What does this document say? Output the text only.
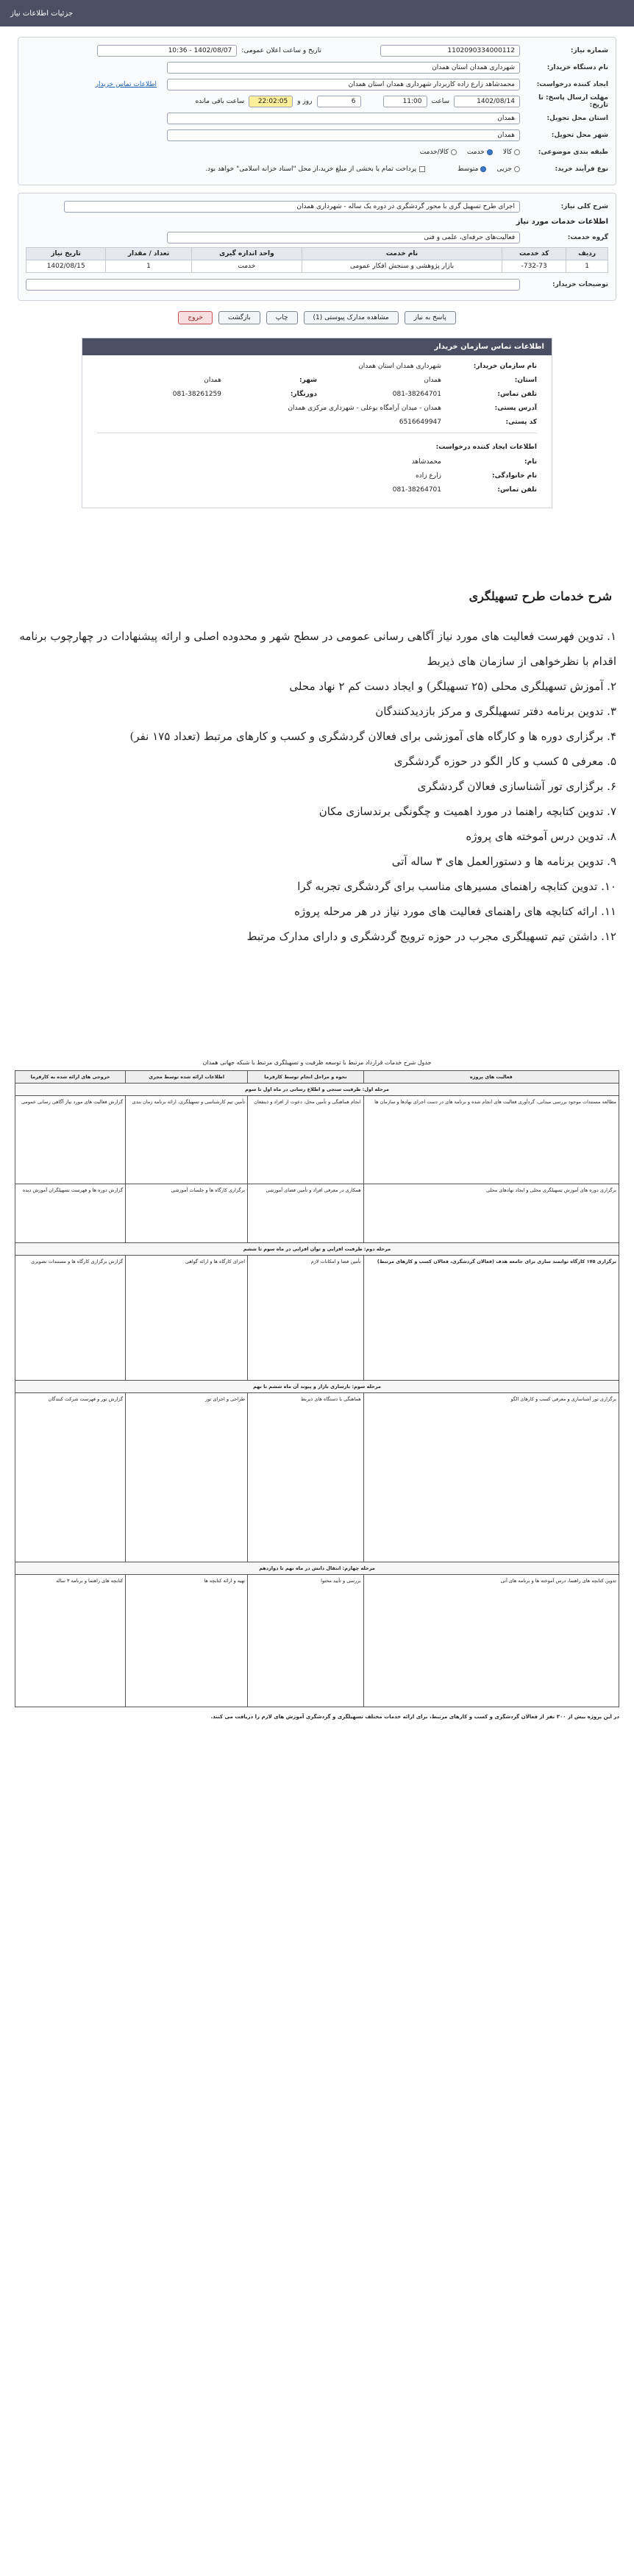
جزئیات اطلاعات نیاز
شماره نیاز:
1102090334000112
تاریخ و ساعت اعلان عمومی:
1402/08/07 - 10:36
نام دستگاه خریدار:
شهرداری همدان استان همدان
ایجاد کننده درخواست:
محمدشاهد زارع زاده کاربردار شهرداری همدان استان همدان
اطلاعات تماس خریدار
مهلت ارسال پاسخ: تا تاریخ:
1402/08/14
ساعت
11:00
6
روز و
22:02:05
ساعت باقی مانده
استان محل تحویل:
همدان
شهر محل تحویل:
همدان
طبقه بندی موضوعی:
کالا
خدمت
کالا/خدمت
نوع فرآیند خرید:
جزیی
متوسط
پرداخت تمام یا بخشی از مبلغ خرید،از محل "اسناد خزانه اسلامی" خواهد بود.
شرح کلی نیاز:
اجرای طرح تسهیل گری با محور گردشگری در دوره یک ساله - شهرداری همدان
اطلاعات خدمات مورد نیاز
گروه خدمت:
فعالیت‌های حرفه‌ای، علمی و فنی
ردیف	کد خدمت	نام خدمت	واحد اندازه گیری	تعداد / مقدار	تاریخ نیاز
1	732-73-	بازار پژوهشی و سنجش افکار عمومی	خدمت	1	1402/08/15
توضیحات خریدار:
پاسخ به نیاز
مشاهده مدارک پیوستی (1)
چاپ
بازگشت
خروج
اطلاعات تماس سازمان خریدار
نام سازمان خریدار:
شهرداری همدان استان همدان
استان:
همدان
شهر:
همدان
تلفن تماس:
081-38264701
دورنگار:
081-38261259
آدرس پستی:
همدان - میدان آرامگاه بوعلی - شهرداری مرکزی همدان
کد پستی:
6516649947
اطلاعات ایجاد کننده درخواست:
نام:
محمدشاهد
نام خانوادگی:
زارع زاده
تلفن تماس:
081-38264701
شرح خدمات طرح تسهیلگری
۱. تدوین فهرست فعالیت های مورد نیاز آگاهی رسانی عمومی در سطح شهر و محدوده اصلی و ارائه پیشنهادات در چهارچوب برنامه اقدام با نظرخواهی از سازمان های ذیربط
۲. آموزش تسهیلگری محلی (۲۵ تسهیلگر) و ایجاد دست کم ۲ نهاد محلی
۳. تدوین برنامه دفتر تسهیلگری و مرکز بازدیدکنندگان
۴. برگزاری دوره ها و کارگاه های آموزشی برای فعالان گردشگری و کسب و کارهای مرتبط (تعداد ۱۷۵ نفر)
۵. معرفی ۵ کسب و کار الگو در حوزه گردشگری
۶. برگزاری تور آشناسازی فعالان گردشگری
۷. تدوین کتابچه راهنما در مورد اهمیت و چگونگی برندسازی مکان
۸. تدوین درس آموخته های پروژه
۹. تدوین برنامه ها و دستورالعمل های ۳ ساله آتی
۱۰. تدوین کتابچه راهنمای مسیرهای مناسب برای گردشگری تجربه گرا
۱۱. ارائه کتابچه های راهنمای فعالیت های مورد نیاز در هر مرحله پروژه
۱۲. داشتن تیم تسهیلگری مجرب در حوزه ترویج گردشگری و دارای مدارک مرتبط
جدول شرح خدمات قرارداد مرتبط با توسعه ظرفیت و تسهیلگری مرتبط با شبکه جهانی همدان
فعالیت های پروژه	نحوه و مراحل انجام توسط کارفرما	اطلاعات ارائه شده توسط مجری	خروجی های ارائه شده به کارفرما
مرحله اول: ظرفیت سنجی و اطلاع رسانی در ماه اول تا سوم			
مطالعه مستندات موجود بررسی میدانی، گردآوری فعالیت های انجام شده و برنامه های در دست اجرای نهادها و سازمان ها	انجام هماهنگی و تأمین محل، دعوت از افراد و ذینفعان	تأمین تیم کارشناسی و تسهیلگری، ارائه برنامه زمان بندی	گزارش فعالیت های مورد نیاز آگاهی رسانی عمومی
برگزاری دوره های آموزش تسهیلگری محلی و ایجاد نهادهای محلی	همکاری در معرفی افراد و تأمین فضای آموزشی	برگزاری کارگاه ها و جلسات آموزشی	گزارش دوره ها و فهرست تسهیلگران آموزش دیده
مرحله دوم: ظرفیت افزایی و توان افزایی در ماه سوم تا ششم			
برگزاری ۱۷۵ کارگاه توانمند سازی برای جامعه هدف (فعالان گردشگری، فعالان کسب و کارهای مرتبط)	تأمین فضا و امکانات لازم	اجرای کارگاه ها و ارائه گواهی	گزارش برگزاری کارگاه ها و مستندات تصویری
مرحله سوم: بازسازی بازار و پیوند آن ماه ششم تا نهم			
برگزاری تور آشناسازی و معرفی کسب و کارهای الگو	هماهنگی با دستگاه های ذیربط	طراحی و اجرای تور	گزارش تور و فهرست شرکت کنندگان
مرحله چهارم: انتقال دانش در ماه نهم تا دوازدهم			
تدوین کتابچه های راهنما، درس آموخته ها و برنامه های آتی	بررسی و تأیید محتوا	تهیه و ارائه کتابچه ها	کتابچه های راهنما و برنامه ۳ ساله
در این پروژه بیش از ۳۰۰ نفر از فعالان گردشگری و کسب و کارهای مرتبط، برای ارائه خدمات مختلف تسهیلگری و گردشگری آموزش های لازم را دریافت می کنند.
